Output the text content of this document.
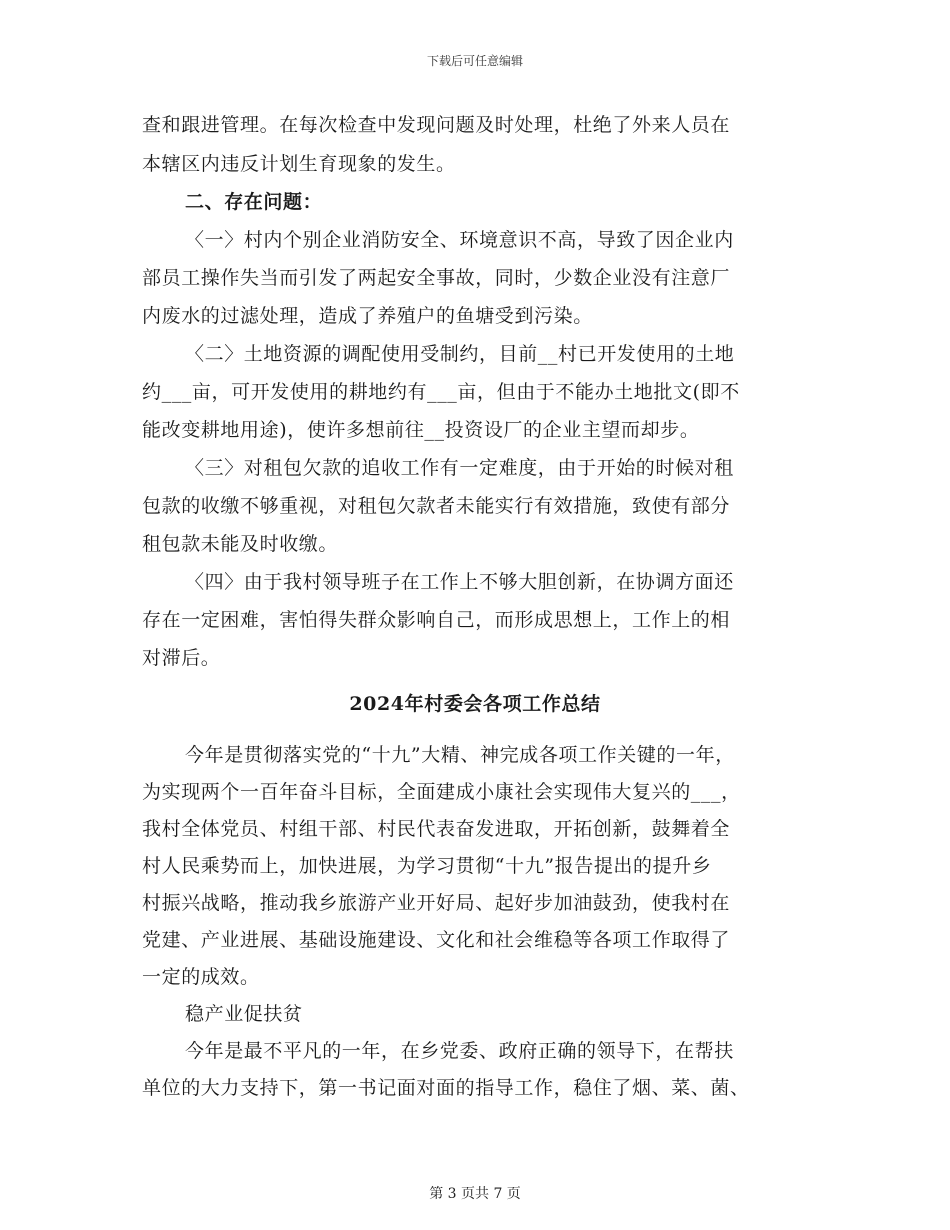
下载后可任意编辑
查和跟进管理。在每次检查中发现问题及时处理，杜绝了外来人员在
本辖区内违反计划生育现象的发生。
二、存在问题：
〈一〉村内个别企业消防安全、环境意识不高，导致了因企业内
部员工操作失当而引发了两起安全事故，同时，少数企业没有注意厂
内废水的过滤处理，造成了养殖户的鱼塘受到污染。
〈二〉土地资源的调配使用受制约，目前__村已开发使用的土地
约___亩，可开发使用的耕地约有___亩，但由于不能办土地批文(即不
能改变耕地用途)，使许多想前往__投资设厂的企业主望而却步。
〈三〉对租包欠款的追收工作有一定难度，由于开始的时候对租
包款的收缴不够重视，对租包欠款者未能实行有效措施，致使有部分
租包款未能及时收缴。
〈四〉由于我村领导班子在工作上不够大胆创新，在协调方面还
存在一定困难，害怕得失群众影响自己，而形成思想上，工作上的相
对滞后。
2024年村委会各项工作总结
今年是贯彻落实党的“十九”大精、神完成各项工作关键的一年，
为实现两个一百年奋斗目标，全面建成小康社会实现伟大复兴的___，
我村全体党员、村组干部、村民代表奋发进取，开拓创新，鼓舞着全
村人民乘势而上，加快进展，为学习贯彻“十九”报告提出的提升乡
村振兴战略，推动我乡旅游产业开好局、起好步加油鼓劲，使我村在
党建、产业进展、基础设施建设、文化和社会维稳等各项工作取得了
一定的成效。
稳产业促扶贫
今年是最不平凡的一年，在乡党委、政府正确的领导下，在帮扶
单位的大力支持下，第一书记面对面的指导工作，稳住了烟、菜、菌、
第 3 页共 7 页
